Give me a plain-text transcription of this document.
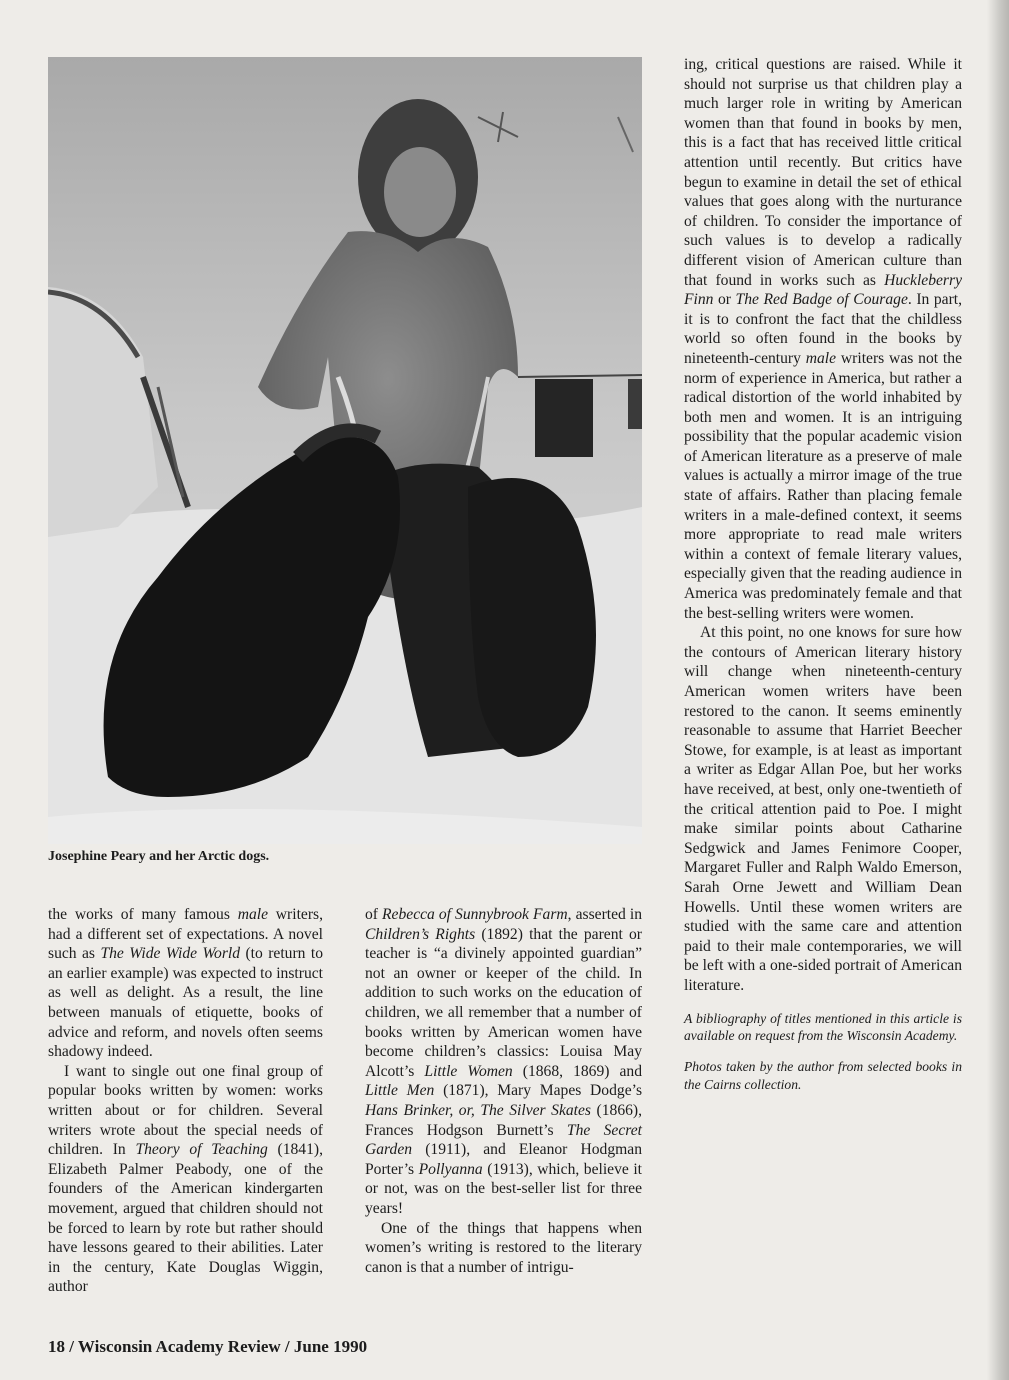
Josephine Peary and her Arctic dogs.

the works of many famous male writers, had a different set of expectations. A novel such as The Wide Wide World (to return to an earlier example) was expected to instruct as well as delight. As a result, the line between manuals of etiquette, books of advice and reform, and novels often seems shadowy indeed.

I want to single out one final group of popular books written by women: works written about or for children. Several writers wrote about the special needs of children. In Theory of Teaching (1841), Elizabeth Palmer Peabody, one of the founders of the American kindergarten movement, argued that children should not be forced to learn by rote but rather should have lessons geared to their abilities. Later in the century, Kate Douglas Wiggin, author

of Rebecca of Sunnybrook Farm, asserted in Children’s Rights (1892) that the parent or teacher is “a divinely appointed guardian” not an owner or keeper of the child. In addition to such works on the education of children, we all remember that a number of books written by American women have become children’s classics: Louisa May Alcott’s Little Women (1868, 1869) and Little Men (1871), Mary Mapes Dodge’s Hans Brinker, or, The Silver Skates (1866), Frances Hodgson Burnett’s The Secret Garden (1911), and Eleanor Hodgman Porter’s Pollyanna (1913), which, believe it or not, was on the best-seller list for three years!

One of the things that happens when women’s writing is restored to the literary canon is that a number of intrigu-

ing, critical questions are raised. While it should not surprise us that children play a much larger role in writing by American women than that found in books by men, this is a fact that has received little critical attention until recently. But critics have begun to examine in detail the set of ethical values that goes along with the nurturance of children. To consider the importance of such values is to develop a radically different vision of American culture than that found in works such as Huckleberry Finn or The Red Badge of Courage. In part, it is to confront the fact that the childless world so often found in the books by nineteenth-century male writers was not the norm of experience in America, but rather a radical distortion of the world inhabited by both men and women. It is an intriguing possibility that the popular academic vision of American literature as a preserve of male values is actually a mirror image of the true state of affairs. Rather than placing female writers in a male-defined context, it seems more appropriate to read male writers within a context of female literary values, especially given that the reading audience in America was predominately female and that the best-selling writers were women.

At this point, no one knows for sure how the contours of American literary history will change when nineteenth-century American women writers have been restored to the canon. It seems eminently reasonable to assume that Harriet Beecher Stowe, for example, is at least as important a writer as Edgar Allan Poe, but her works have received, at best, only one-twentieth of the critical attention paid to Poe. I might make similar points about Catharine Sedgwick and James Fenimore Cooper, Margaret Fuller and Ralph Waldo Emerson, Sarah Orne Jewett and William Dean Howells. Until these women writers are studied with the same care and attention paid to their male contemporaries, we will be left with a one-sided portrait of American literature.

A bibliography of titles mentioned in this article is available on request from the Wisconsin Academy.

Photos taken by the author from selected books in the Cairns collection.

18 / Wisconsin Academy Review / June 1990
